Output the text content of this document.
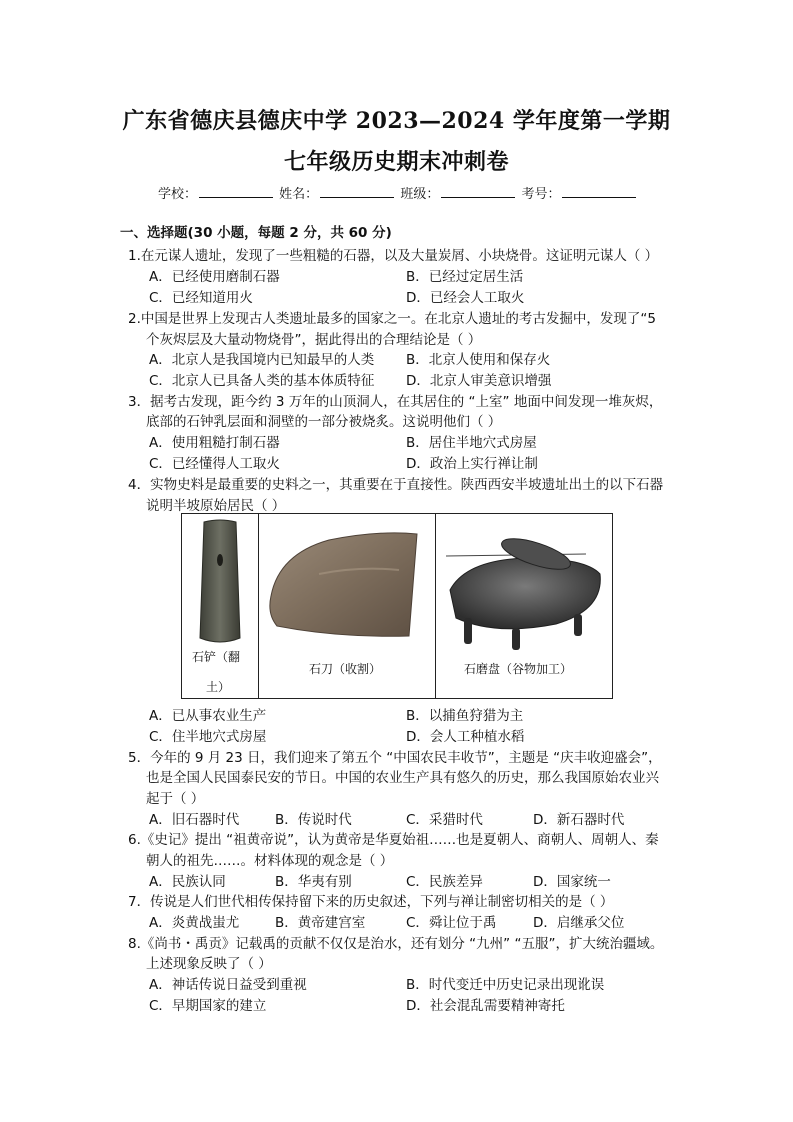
广东省德庆县德庆中学 2023—2024 学年度第一学期
七年级历史期末冲刺卷
学校：	姓名：	班级：	考号：
一、选择题(30 小题，每题 2 分，共 60 分)
1.在元谋人遗址，发现了一些粗糙的石器，以及大量炭屑、小块烧骨。这证明元谋人（ ）
A．已经使用磨制石器	B．已经过定居生活
C．已经知道用火	D．已经会人工取火
2.中国是世界上发现古人类遗址最多的国家之一。在北京人遗址的考古发掘中，发现了“5
个灰烬层及大量动物烧骨”，据此得出的合理结论是（ ）
A．北京人是我国境内已知最早的人类 B．北京人使用和保存火
C．北京人已具备人类的基本体质特征 D．北京人审美意识增强
3．据考古发现，距今约 3 万年的山顶洞人，在其居住的 “上室” 地面中间发现一堆灰烬，
底部的石钟乳层面和洞壁的一部分被烧炙。这说明他们（ ）
A．使用粗糙打制石器	B．居住半地穴式房屋
C．已经懂得人工取火	D．政治上实行禅让制
4．实物史料是最重要的史料之一，其重要在于直接性。陕西西安半坡遗址出土的以下石器
说明半坡原始居民（ ）
石铲（翻
土）
石刀（收割）	石磨盘（谷物加工）
A．已从事农业生产	B．以捕鱼狩猎为主
C．住半地穴式房屋	D．会人工种植水稻
5．今年的 9 月 23 日，我们迎来了第五个 “中国农民丰收节”，主题是 “庆丰收迎盛会”，
也是全国人民国泰民安的节日。中国的农业生产具有悠久的历史，那么我国原始农业兴
起于（ ）
A．旧石器时代	B．传说时代	C．采猎时代	D．新石器时代
6.《史记》提出 “祖黄帝说”，认为黄帝是华夏始祖……也是夏朝人、商朝人、周朝人、秦
朝人的祖先……。材料体现的观念是（ ）
A．民族认同	B．华夷有别	C．民族差异	D．国家统一
7．传说是人们世代相传保持留下来的历史叙述，下列与禅让制密切相关的是（ ）
A．炎黄战蚩尤	B．黄帝建宫室	C．舜让位于禹	D．启继承父位
8.《尚书・禹贡》记载禹的贡献不仅仅是治水，还有划分 “九州” “五服”，扩大统治疆域。
上述现象反映了（ ）
A．神话传说日益受到重视	B．时代变迁中历史记录出现讹误
C．早期国家的建立	D．社会混乱需要精神寄托
